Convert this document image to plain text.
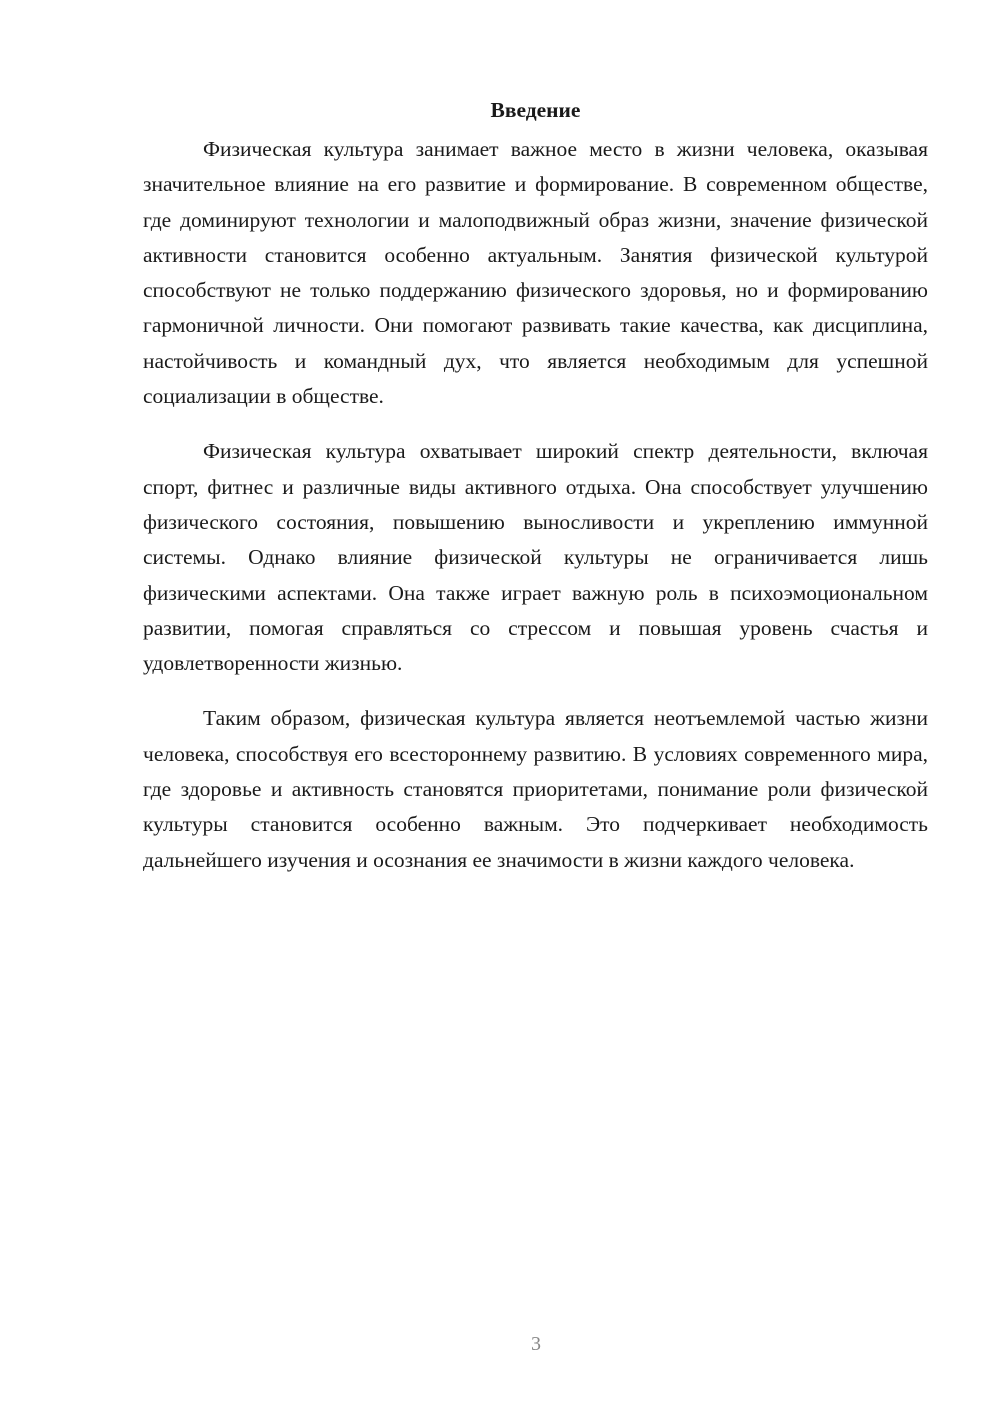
Введение

Физическая культура занимает важное место в жизни человека, оказывая значительное влияние на его развитие и формирование. В современном обществе, где доминируют технологии и малоподвижный образ жизни, значение физической активности становится особенно актуальным. Занятия физической культурой способствуют не только поддержанию физического здоровья, но и формированию гармоничной личности. Они помогают развивать такие качества, как дисциплина, настойчивость и командный дух, что является необходимым для успешной социализации в обществе.

Физическая культура охватывает широкий спектр деятельности, включая спорт, фитнес и различные виды активного отдыха. Она способствует улучшению физического состояния, повышению выносливости и укреплению иммунной системы. Однако влияние физической культуры не ограничивается лишь физическими аспектами. Она также играет важную роль в психоэмоциональном развитии, помогая справляться со стрессом и повышая уровень счастья и удовлетворенности жизнью.

Таким образом, физическая культура является неотъемлемой частью жизни человека, способствуя его всестороннему развитию. В условиях современного мира, где здоровье и активность становятся приоритетами, понимание роли физической культуры становится особенно важным. Это подчеркивает необходимость дальнейшего изучения и осознания ее значимости в жизни каждого человека.

3
